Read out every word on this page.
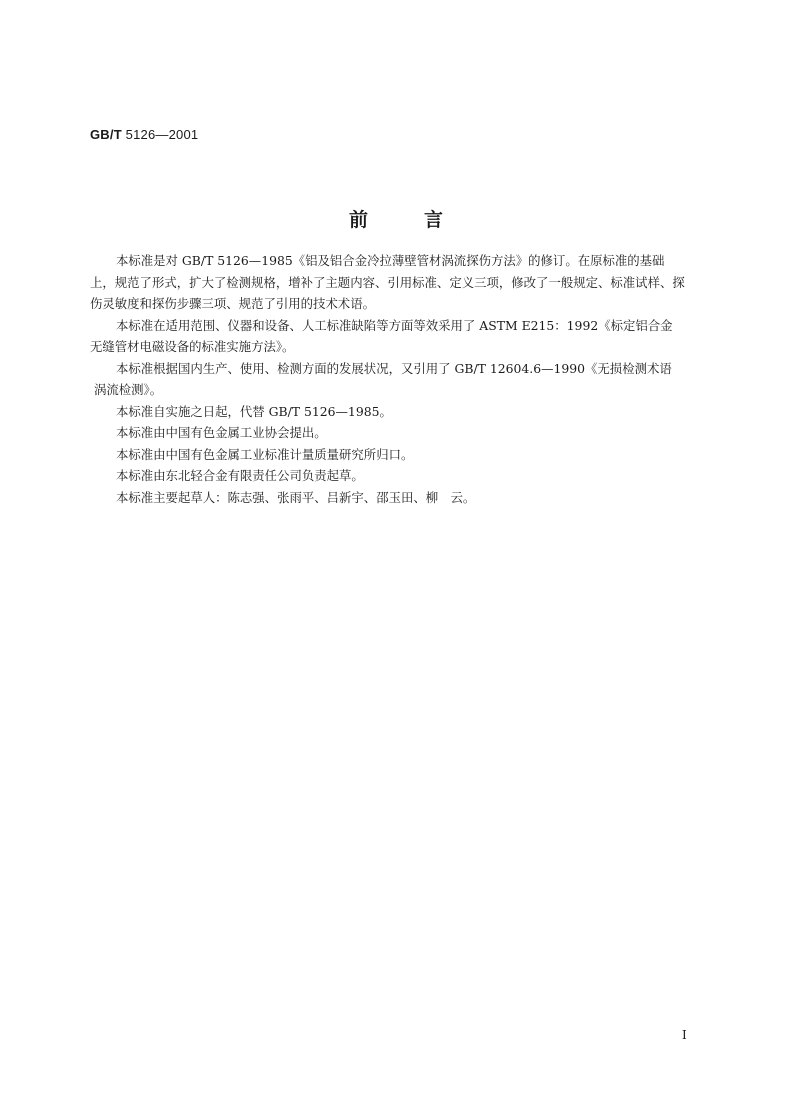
GB/T 5126—2001
前	言

本标准是对 GB/T 5126—1985《铝及铝合金冷拉薄壁管材涡流探伤方法》的修订。在原标准的基础
上，规范了形式，扩大了检测规格，增补了主题内容、引用标准、定义三项，修改了一般规定、标准试样、探
伤灵敏度和探伤步骤三项、规范了引用的技术术语。

本标准在适用范围、仪器和设备、人工标准缺陷等方面等效采用了 ASTM E215：1992《标定铝合金
无缝管材电磁设备的标准实施方法》。

本标准根据国内生产、使用、检测方面的发展状况，又引用了 GB/T 12604.6—1990《无损检测术语
涡流检测》。

本标准自实施之日起，代替 GB/T 5126—1985。

本标准由中国有色金属工业协会提出。

本标准由中国有色金属工业标准计量质量研究所归口。

本标准由东北轻合金有限责任公司负责起草。

本标准主要起草人：陈志强、张雨平、吕新宇、邵玉田、柳　云。

I
